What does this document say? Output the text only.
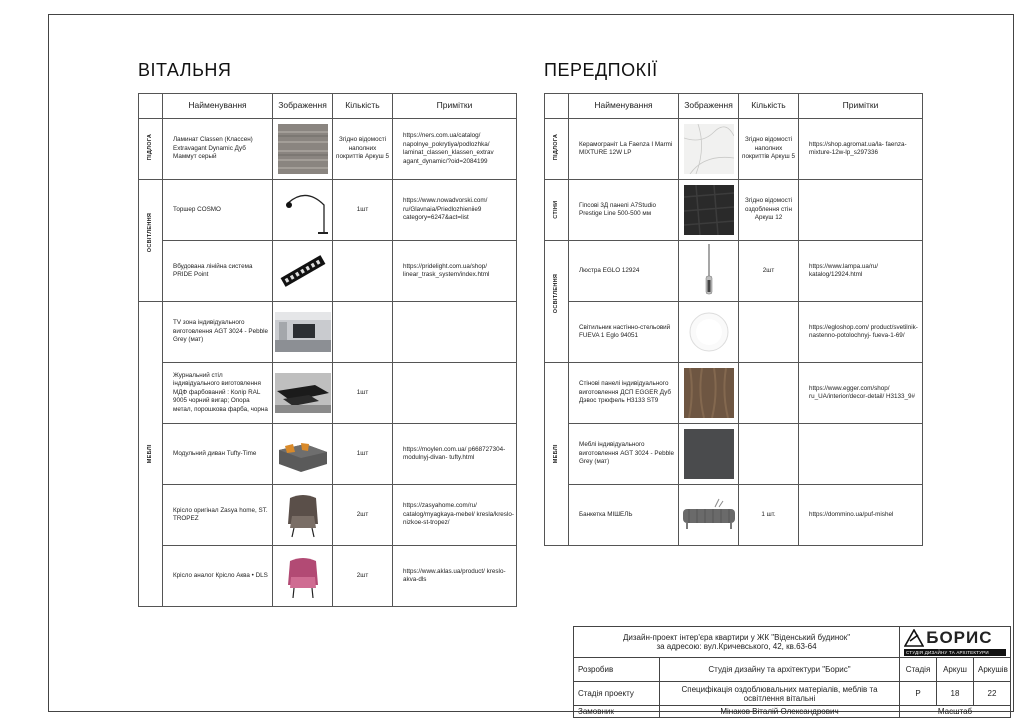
ВІТАЛЬНЯ
	Найменування	Зображення	Кількість	Примітки

ПІДЛОГА	Ламинат Classen (Классен) Extravagant Dynamic Дуб Маммут серый		Згідно відомості наполних покриттів Аркуш 5	https://ners.com.ua/catalog/ napolnye_pokrytiya/podlozhka/ laminat_classen_klassen_extrav agant_dynamic/?oid=2084199

ОСВІТЛЕННЯ	Торшер COSMO		1шт	https://www.nowadvorski.com/ ru/Glavnaia/Priedlozhieniie9 category=6247&act=list
	Вбудована лінійна система PRIDE Point			https://pridelight.com.ua/shop/ linear_trask_system/index.html

МЕБЛІ	TV зона індивідуального виготовлення AGT 3024 - Pebble Grey (мат)			
	Журнальний стіл індивідуального виготовлення МДФ фарбований : Колір RAL 9005 чорний вигар; Опора метал, порошкова фарба, чорна		1шт	
	Модульний диван Tufty-Time		1шт	https://moylen.com.ua/ p668727304-modulnyj-divan- tufty.html
	Крісло оригінал Zasya home, ST. TROPEZ		2шт	https://zasyahome.com/ru/ catalog/myagkaya-mebel/ kresla/kreslo-nizkoe-st-tropez/
	Крісло аналог Крісло Аква • DLS		2шт	https://www.aklas.ua/product/ kreslo-akva-dls
ПЕРЕДПОКІЇ
	Найменування	Зображення	Кількість	Примітки

ПІДЛОГА	Керамограніт La Faenza I Marmi MIXTURE 12W LP		Згідно відомості наполних покриттів Аркуш 5	https://shop.agromat.ua/la- faenza-mixture-12w-lp_s297336

СТІНИ	Гіпсові 3Д панелі A7Studio Prestige Line 500-500 мм		Згідно відомості оздоблення стін Аркуш 12	

ОСВІТЛЕННЯ	Люстра EGLO 12924		2шт	https://www.lampa.ua/ru/ katalog/12924.html
	Світильник настінно-стельовий FUEVA 1 Eglo 94051			https://egloshop.com/ product/svetilnik- nastenno-potolochnyj- fueva-1-69/

МЕБЛІ	Стінові панелі індивідуального виготовлення ДСП EGGER Дуб Дэвос трюфель H3133 ST9			https://www.egger.com/shop/ ru_UA/interior/decor-detail/ H3133_9#
	Меблі індивідуального виготовлення AGT 3024 - Pebble Grey (мат)			
	Банкетка МІШЕЛЬ		1 шт.	https://dommino.ua/puf-mishel
Дизайн-проект інтер'єра квартири у ЖК "Віденський будинок"
за адресою: вул.Кричевського, 42, кв.63-64		БОРИС
СТУДІЯ ДИЗАЙНУ ТА АРХІТЕКТУРИ		

Розробив	Студія дизайну та архітектури "Борис"	Стадія	Аркуш	Аркушів
Стадія проекту	Специфікація оздоблювальних матеріалів, меблів та освітлення вітальні	Р	18	22
Замовник	Мінаков Віталій Олександрович	Масштаб		
